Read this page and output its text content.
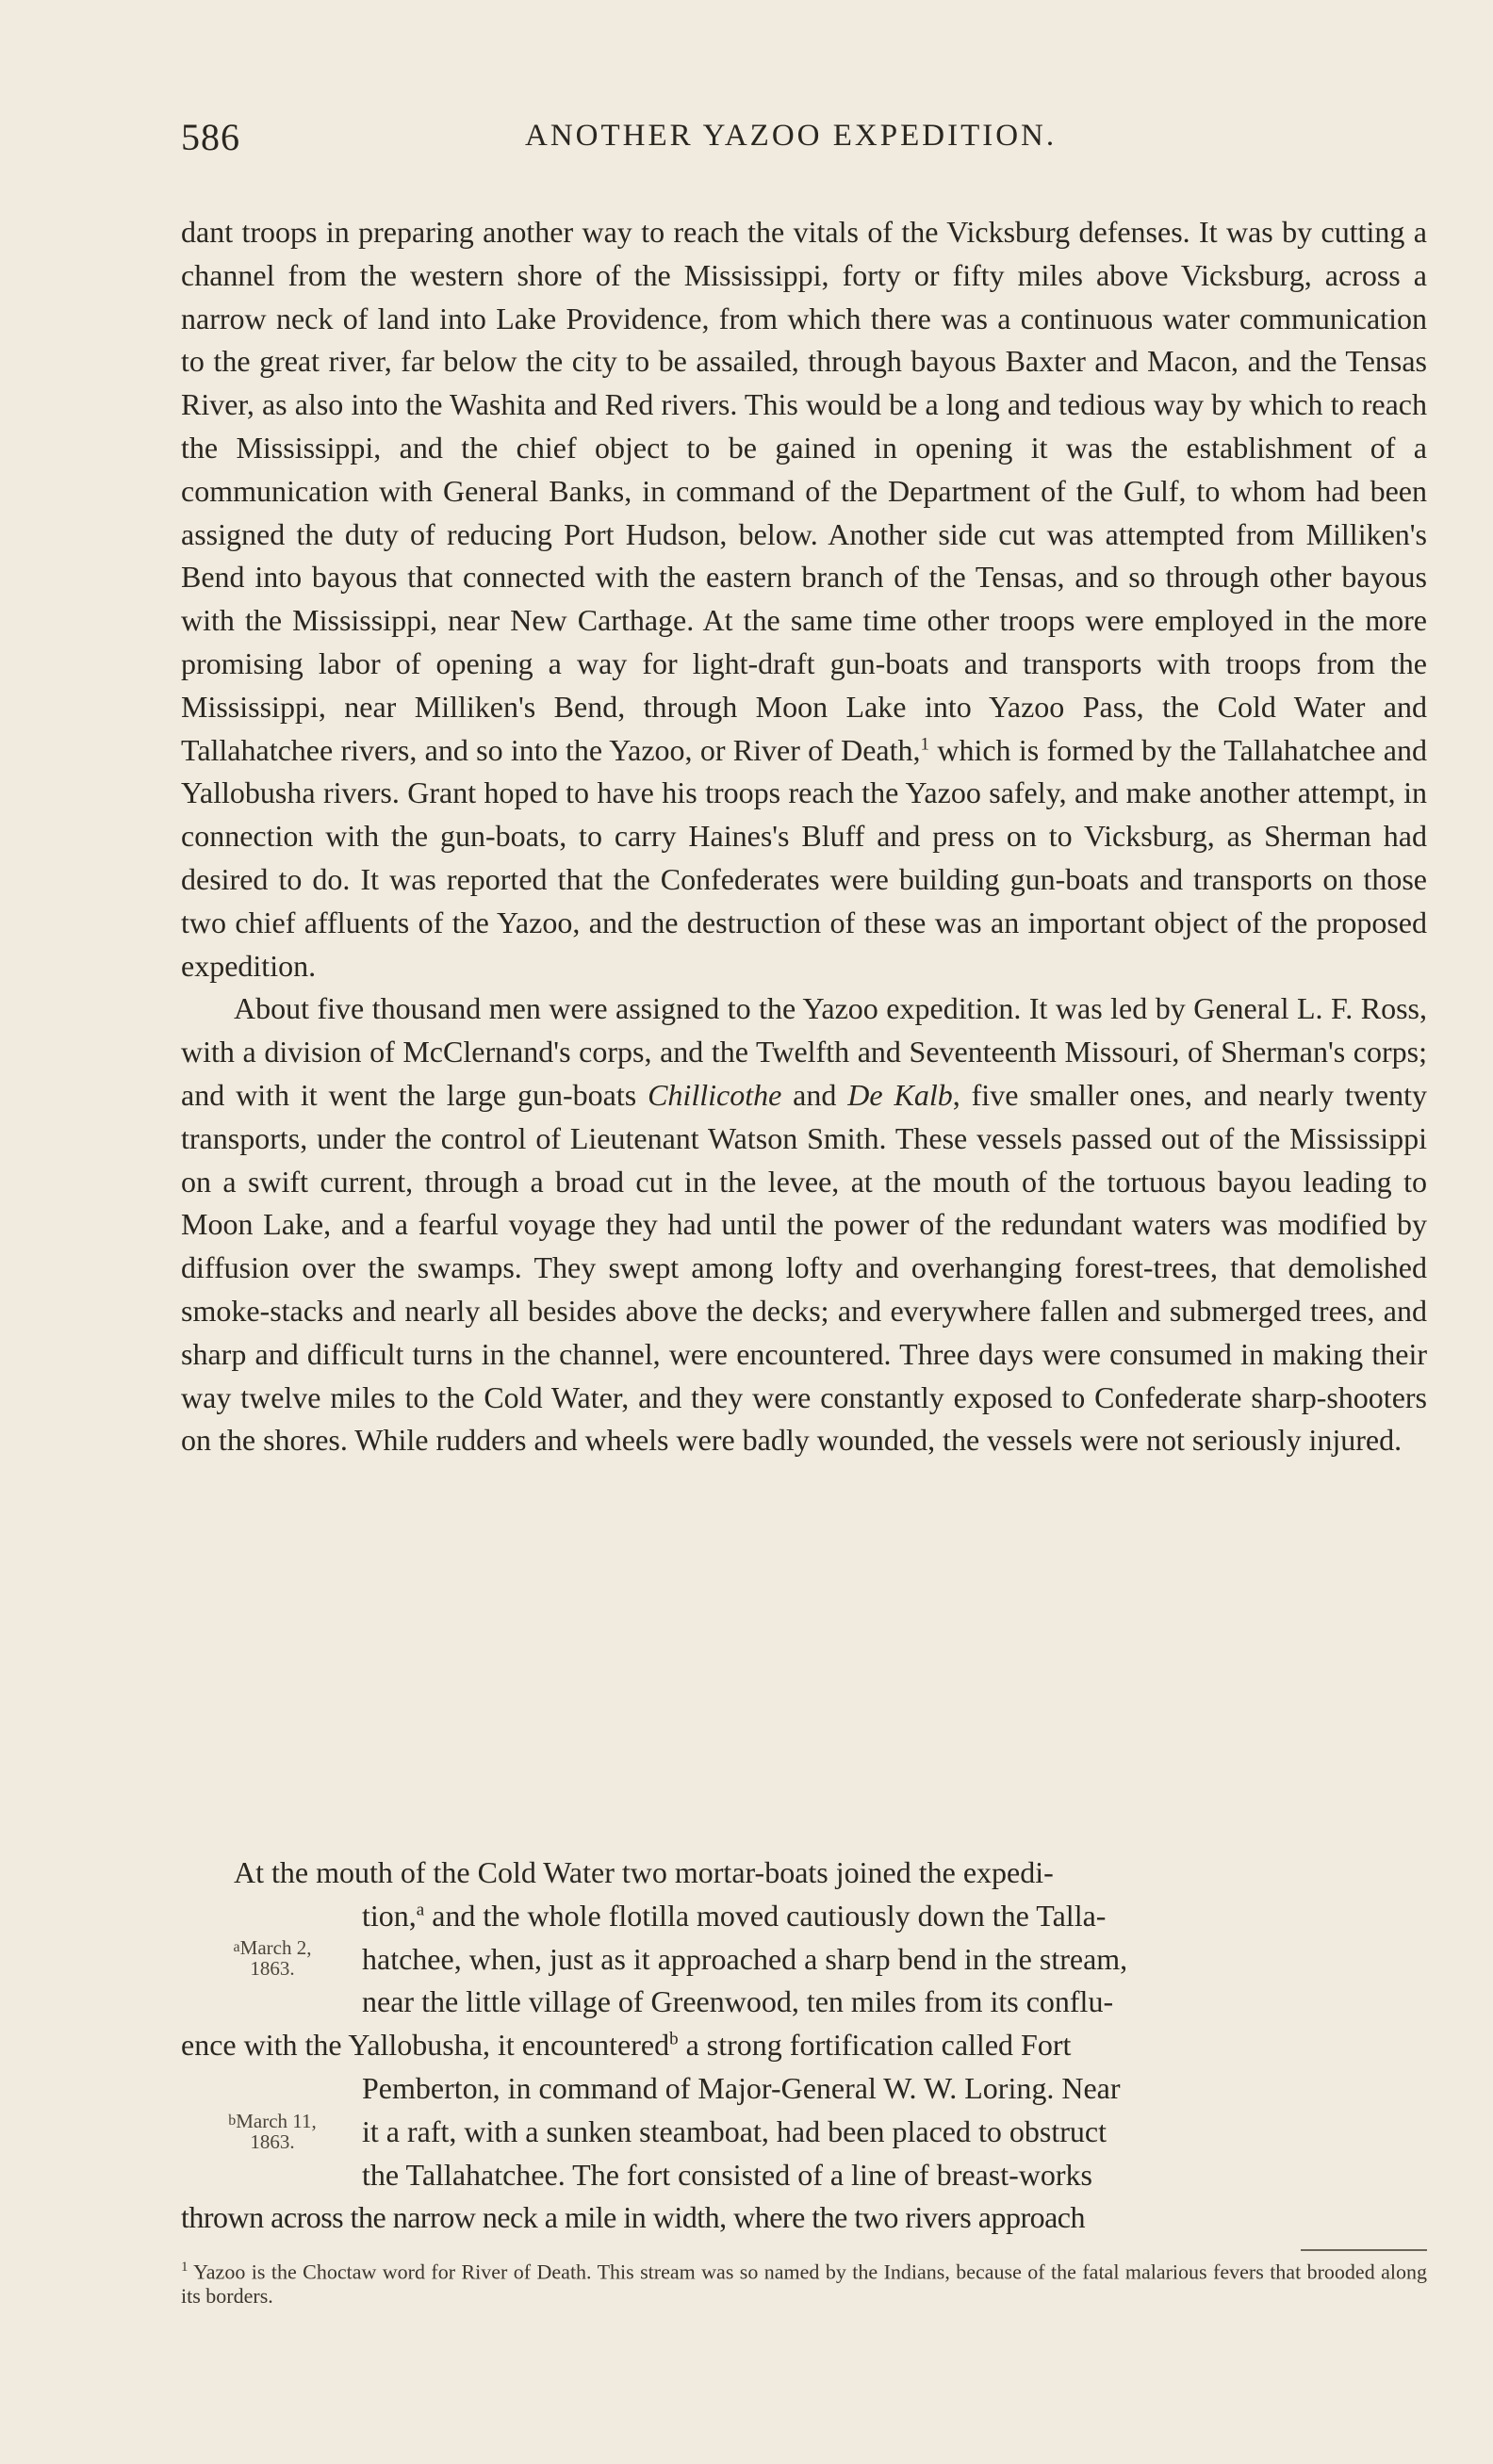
586	ANOTHER YAZOO EXPEDITION.

dant troops in preparing another way to reach the vitals of the Vicksburg defenses. It was by cutting a channel from the western shore of the Mississippi, forty or fifty miles above Vicksburg, across a narrow neck of land into Lake Providence, from which there was a continuous water communication to the great river, far below the city to be assailed, through bayous Baxter and Macon, and the Tensas River, as also into the Washita and Red rivers. This would be a long and tedious way by which to reach the Mississippi, and the chief object to be gained in opening it was the establishment of a communication with General Banks, in command of the Department of the Gulf, to whom had been assigned the duty of reducing Port Hudson, below. Another side cut was attempted from Milliken's Bend into bayous that connected with the eastern branch of the Tensas, and so through other bayous with the Mississippi, near New Carthage. At the same time other troops were employed in the more promising labor of opening a way for light-draft gun-boats and transports with troops from the Mississippi, near Milliken's Bend, through Moon Lake into Yazoo Pass, the Cold Water and Tallahatchee rivers, and so into the Yazoo, or River of Death,$^1$ which is formed by the Tallahatchee and Yallobusha rivers. Grant hoped to have his troops reach the Yazoo safely, and make another attempt, in connection with the gun-boats, to carry Haines's Bluff and press on to Vicksburg, as Sherman had desired to do. It was reported that the Confederates were building gun-boats and transports on those two chief affluents of the Yazoo, and the destruction of these was an important object of the proposed expedition.

About five thousand men were assigned to the Yazoo expedition. It was led by General L. F. Ross, with a division of McClernand's corps, and the Twelfth and Seventeenth Missouri, of Sherman's corps; and with it went the large gun-boats Chillicothe and De Kalb, five smaller ones, and nearly twenty transports, under the control of Lieutenant Watson Smith. These vessels passed out of the Mississippi on a swift current, through a broad cut in the levee, at the mouth of the tortuous bayou leading to Moon Lake, and a fearful voyage they had until the power of the redundant waters was modified by diffusion over the swamps. They swept among lofty and overhanging forest-trees, that demolished smoke-stacks and nearly all besides above the decks; and everywhere fallen and submerged trees, and sharp and difficult turns in the channel, were encountered. Three days were consumed in making their way twelve miles to the Cold Water, and they were constantly exposed to Confederate sharp-shooters on the shores. While rudders and wheels were badly wounded, the vessels were not seriously injured.

At the mouth of the Cold Water two mortar-boats joined the expedi-
tion,$^a$ and the whole flotilla moved cautiously down the Talla-
hatchee, when, just as it approached a sharp bend in the stream,
near the little village of Greenwood, ten miles from its conflu-
ence with the Yallobusha, it encountered$^b$ a strong fortification called Fort
Pemberton, in command of Major-General W. W. Loring. Near
it a raft, with a sunken steamboat, had been placed to obstruct
the Tallahatchee. The fort consisted of a line of breast-works
thrown across the narrow neck a mile in width, where the two rivers approach
$^a$March 2,
1863.
$^b$March 11,
1863.
$^1$ Yazoo is the Choctaw word for River of Death. This stream was so named by the Indians, because of the fatal malarious fevers that brooded along its borders.
